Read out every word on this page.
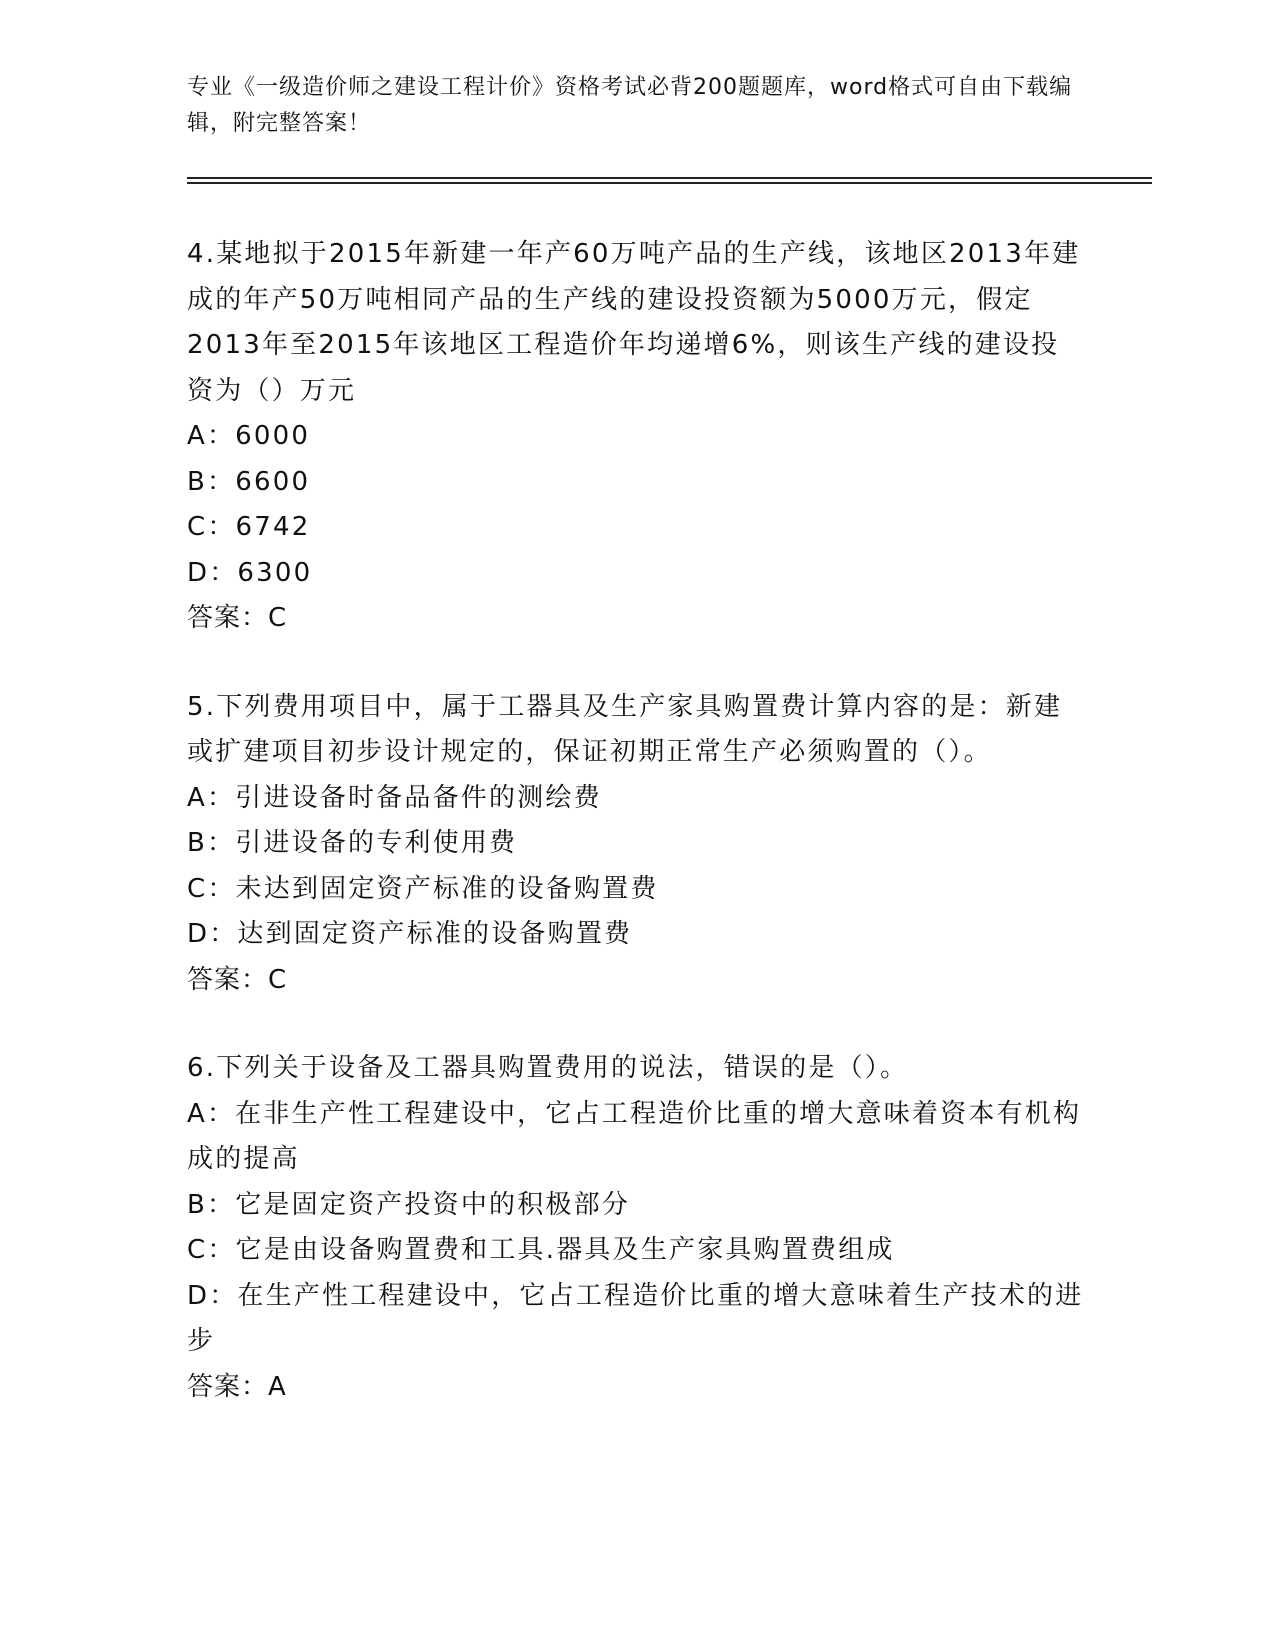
专业《一级造价师之建设工程计价》资格考试必背200题题库，word格式可自由下载编辑，附完整答案！

4.某地拟于2015年新建一年产60万吨产品的生产线，该地区2013年建成的年产50万吨相同产品的生产线的建设投资额为5000万元，假定2013年至2015年该地区工程造价年均递增6%，则该生产线的建设投资为（）万元

A：6000

B：6600

C：6742

D：6300

答案：C

5.下列费用项目中，属于工器具及生产家具购置费计算内容的是：新建或扩建项目初步设计规定的，保证初期正常生产必须购置的（）。

A：引进设备时备品备件的测绘费

B：引进设备的专利使用费

C：未达到固定资产标准的设备购置费

D：达到固定资产标准的设备购置费

答案：C

6.下列关于设备及工器具购置费用的说法，错误的是（）。

A：在非生产性工程建设中，它占工程造价比重的增大意味着资本有机构成的提高

B：它是固定资产投资中的积极部分

C：它是由设备购置费和工具.器具及生产家具购置费组成

D：在生产性工程建设中，它占工程造价比重的增大意味着生产技术的进步

答案：A
